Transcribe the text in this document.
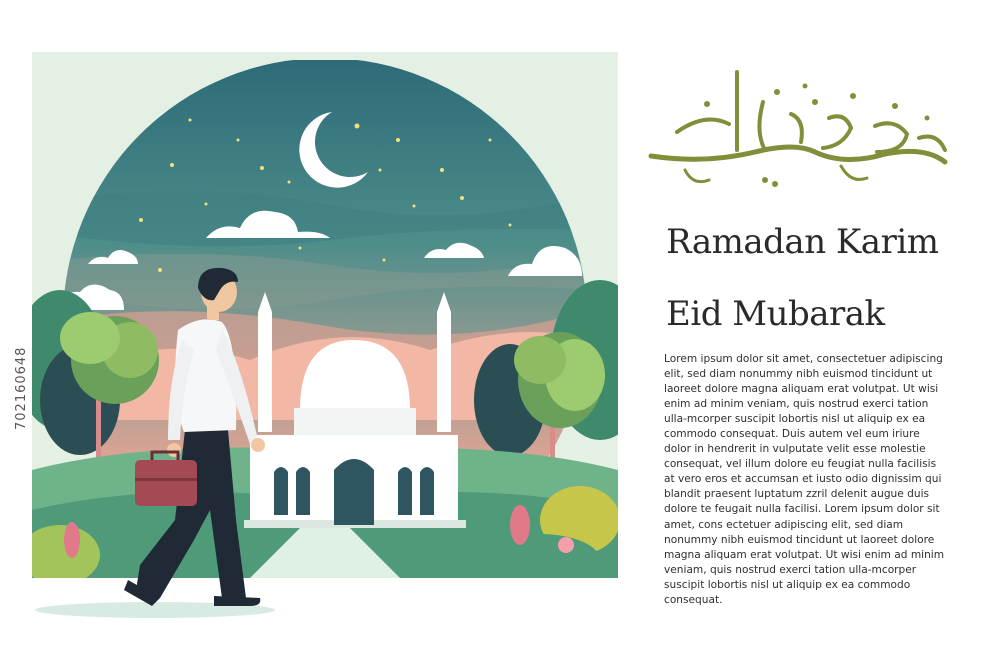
Ramadan Karim
Eid Mubarak

Lorem ipsum dolor sit amet, consectetuer adipiscing elit, sed diam nonummy nibh euismod tincidunt ut laoreet dolore magna aliquam erat volutpat. Ut wisi enim ad minim veniam, quis nostrud exerci tation ulla-mcorper suscipit lobortis nisl ut aliquip ex ea commodo consequat. Duis autem vel eum iriure dolor in hendrerit in vulputate velit esse molestie consequat, vel illum dolore eu feugiat nulla facilisis at vero eros et accumsan et iusto odio dignissim qui blandit praesent luptatum zzril delenit augue duis dolore te feugait nulla facilisi. Lorem ipsum dolor sit amet, cons ectetuer adipiscing elit, sed diam nonummy nibh euismod tincidunt ut laoreet dolore magna aliquam erat volutpat. Ut wisi enim ad minim veniam, quis nostrud exerci tation ulla-mcorper suscipit lobortis nisl ut aliquip ex ea commodo consequat.

702160648
